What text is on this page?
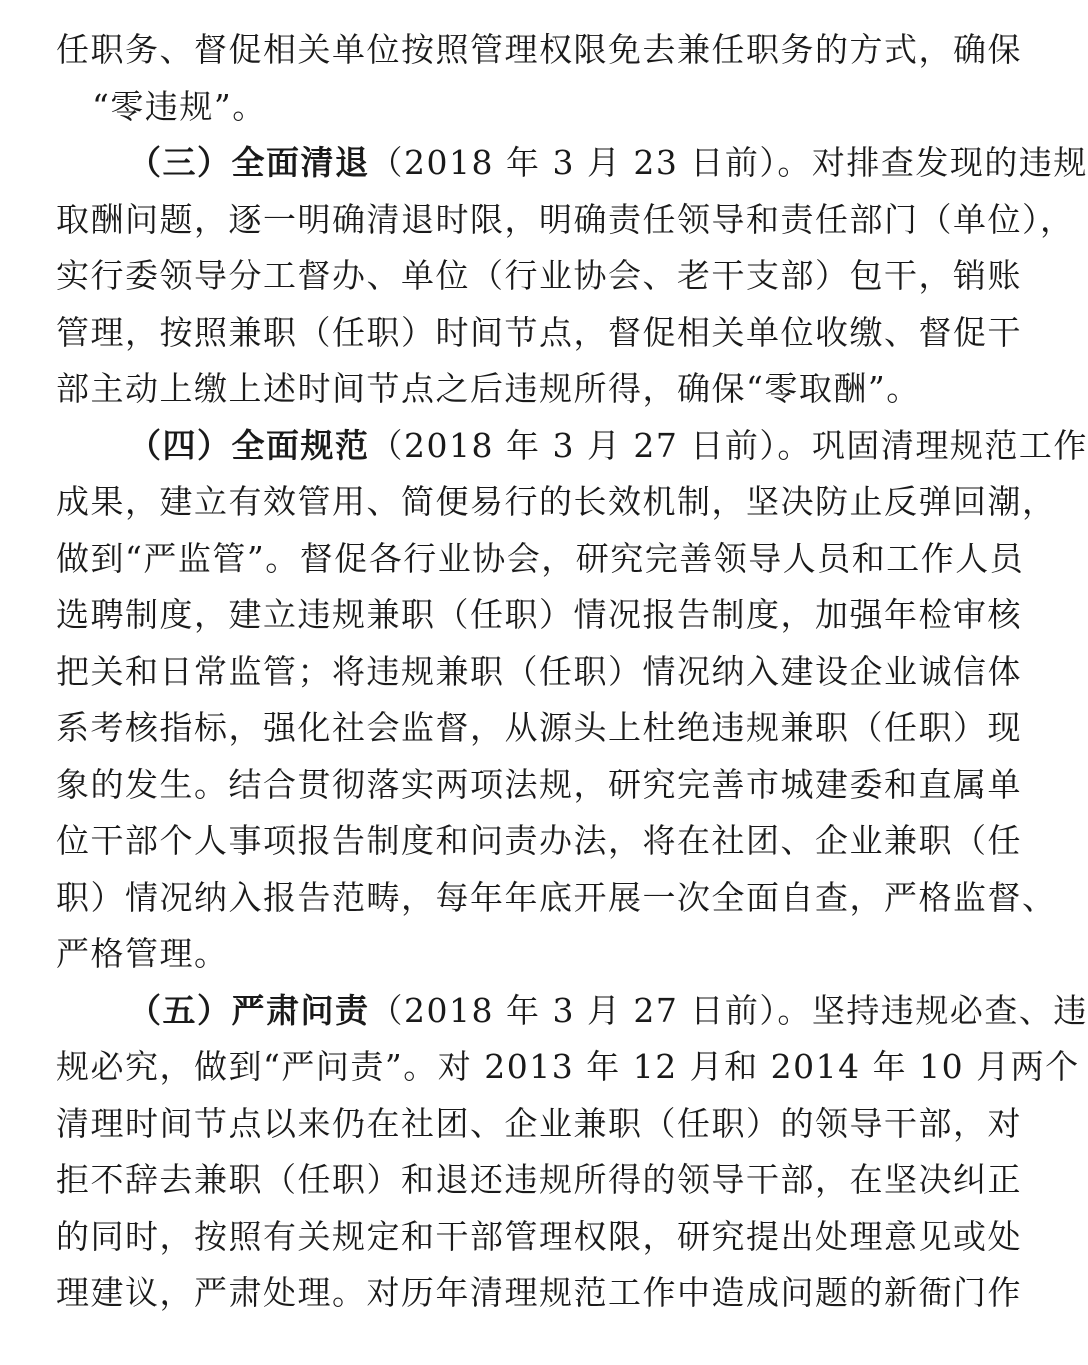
任职务、督促相关单位按照管理权限免去兼任职务的方式，确保
“零违规”。
（三）全面清退（2018 年 3 月 23 日前）。对排查发现的违规
取酬问题，逐一明确清退时限，明确责任领导和责任部门（单位），
实行委领导分工督办、单位（行业协会、老干支部）包干，销账
管理，按照兼职（任职）时间节点，督促相关单位收缴、督促干
部主动上缴上述时间节点之后违规所得，确保“零取酬”。
（四）全面规范（2018 年 3 月 27 日前）。巩固清理规范工作
成果，建立有效管用、简便易行的长效机制，坚决防止反弹回潮，
做到“严监管”。督促各行业协会，研究完善领导人员和工作人员
选聘制度，建立违规兼职（任职）情况报告制度，加强年检审核
把关和日常监管；将违规兼职（任职）情况纳入建设企业诚信体
系考核指标，强化社会监督，从源头上杜绝违规兼职（任职）现
象的发生。结合贯彻落实两项法规，研究完善市城建委和直属单
位干部个人事项报告制度和问责办法，将在社团、企业兼职（任
职）情况纳入报告范畴，每年年底开展一次全面自查，严格监督、
严格管理。
（五）严肃问责（2018 年 3 月 27 日前）。坚持违规必查、违
规必究，做到“严问责”。对 2013 年 12 月和 2014 年 10 月两个
清理时间节点以来仍在社团、企业兼职（任职）的领导干部，对
拒不辞去兼职（任职）和退还违规所得的领导干部，在坚决纠正
的同时，按照有关规定和干部管理权限，研究提出处理意见或处
理建议，严肃处理。对历年清理规范工作中造成问题的新衙门作
